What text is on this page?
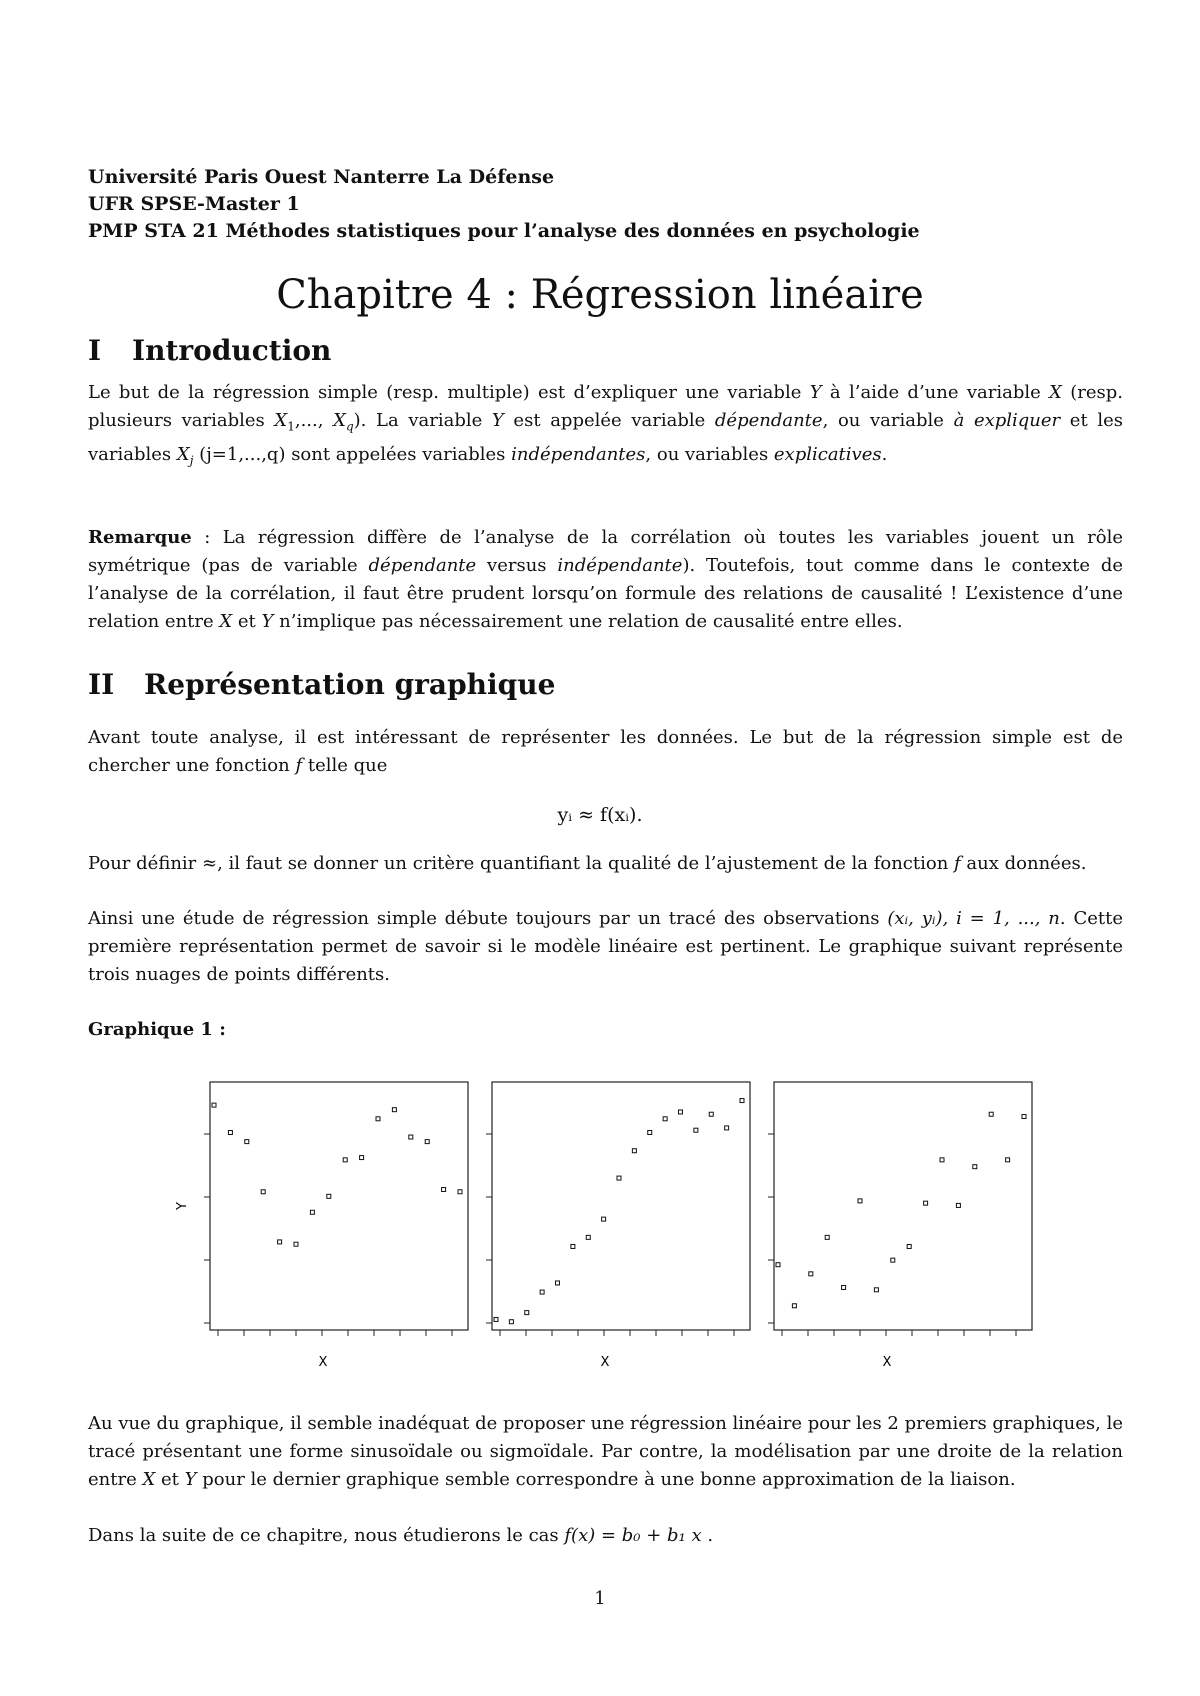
Université Paris Ouest Nanterre La Défense
UFR SPSE-Master 1
PMP STA 21 Méthodes statistiques pour l’analyse des données en psychologie
Chapitre 4 : Régression linéaire
I Introduction
Le but de la régression simple (resp. multiple) est d’expliquer une variable Y à l’aide d’une variable X (resp. plusieurs variables $X_1$,..., $X_q$). La variable Y est appelée variable dépendante, ou variable à expliquer et les variables $X_j$ (j=1,...,q) sont appelées variables indépendantes, ou variables explicatives.
Remarque : La régression diffère de l’analyse de la corrélation où toutes les variables jouent un rôle symétrique (pas de variable dépendante versus indépendante). Toutefois, tout comme dans le contexte de l’analyse de la corrélation, il faut être prudent lorsqu’on formule des relations de causalité ! L’existence d’une relation entre X et Y n’implique pas nécessairement une relation de causalité entre elles.
II Représentation graphique
Avant toute analyse, il est intéressant de représenter les données. Le but de la régression simple est de chercher une fonction f telle que
yᵢ ≈ f(xᵢ).
Pour définir ≈, il faut se donner un critère quantifiant la qualité de l’ajustement de la fonction f aux données.
Ainsi une étude de régression simple débute toujours par un tracé des observations (xᵢ, yᵢ), i = 1, ..., n. Cette première représentation permet de savoir si le modèle linéaire est pertinent. Le graphique suivant représente trois nuages de points différents.
Graphique 1 :
Y
X	X	X
Au vue du graphique, il semble inadéquat de proposer une régression linéaire pour les 2 premiers graphiques, le tracé présentant une forme sinusoïdale ou sigmoïdale. Par contre, la modélisation par une droite de la relation entre X et Y pour le dernier graphique semble correspondre à une bonne approximation de la liaison.
Dans la suite de ce chapitre, nous étudierons le cas f(x) = b₀ + b₁ x .
1
